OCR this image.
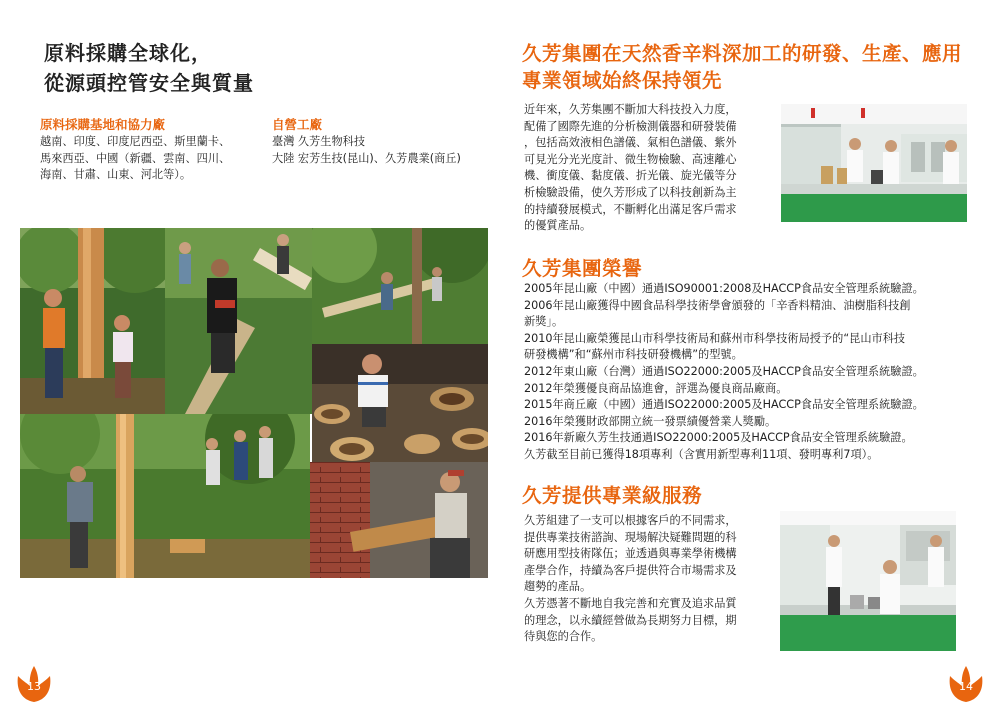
原料採購全球化，
從源頭控管安全與質量
原料採購基地和協力廠
越南、印度、印度尼西亞、斯里蘭卡、
馬來西亞、中國（新疆、雲南、四川、
海南、甘肅、山東、河北等）。
自營工廠
臺灣 久芳生物科技
大陸 宏芳生技(昆山)、久芳農業(商丘)
13
久芳集團在天然香辛料深加工的研發、生產、應用
專業領域始終保持領先
近年來，久芳集團不斷加大科技投入力度，
配備了國際先進的分析檢測儀器和研發裝備
，包括高效液相色譜儀、氣相色譜儀、紫外
可見光分光光度計、微生物檢驗、高速離心
機、衝度儀、黏度儀、折光儀、旋光儀等分
析檢驗設備，使久芳形成了以科技創新為主
的持續發展模式，不斷孵化出滿足客戶需求
的優質產品。
久芳集團榮譽
2005年昆山廠（中國）通過ISO90001:2008及HACCP食品安全管理系統驗證。
2006年昆山廠獲得中國食品科學技術學會頒發的「辛香料精油、油樹脂科技創
新獎」。
2010年昆山廠榮獲昆山市科學技術局和蘇州市科學技術局授予的“昆山市科技
研發機構”和“蘇州市科技研發機構”的型號。
2012年東山廠（台灣）通過ISO22000:2005及HACCP食品安全管理系統驗證。
2012年榮獲優良商品協進會，評選為優良商品廠商。
2015年商丘廠（中國）通過ISO22000:2005及HACCP食品安全管理系統驗證。
2016年榮獲財政部開立統一發票績優營業人獎勵。
2016年新廠久芳生技通過ISO22000:2005及HACCP食品安全管理系統驗證。
久芳截至目前已獲得18項專利（含實用新型專利11項、發明專利7項）。
久芳提供專業級服務
久芳組建了一支可以根據客戶的不同需求，
提供專業技術諮詢、現場解決疑難問題的科
研應用型技術隊伍；並透過與專業學術機構
產學合作，持續為客戶提供符合市場需求及
趨勢的產品。
久芳憑著不斷地自我完善和充實及追求品質
的理念，以永續經營做為長期努力目標，期
待與您的合作。
14
